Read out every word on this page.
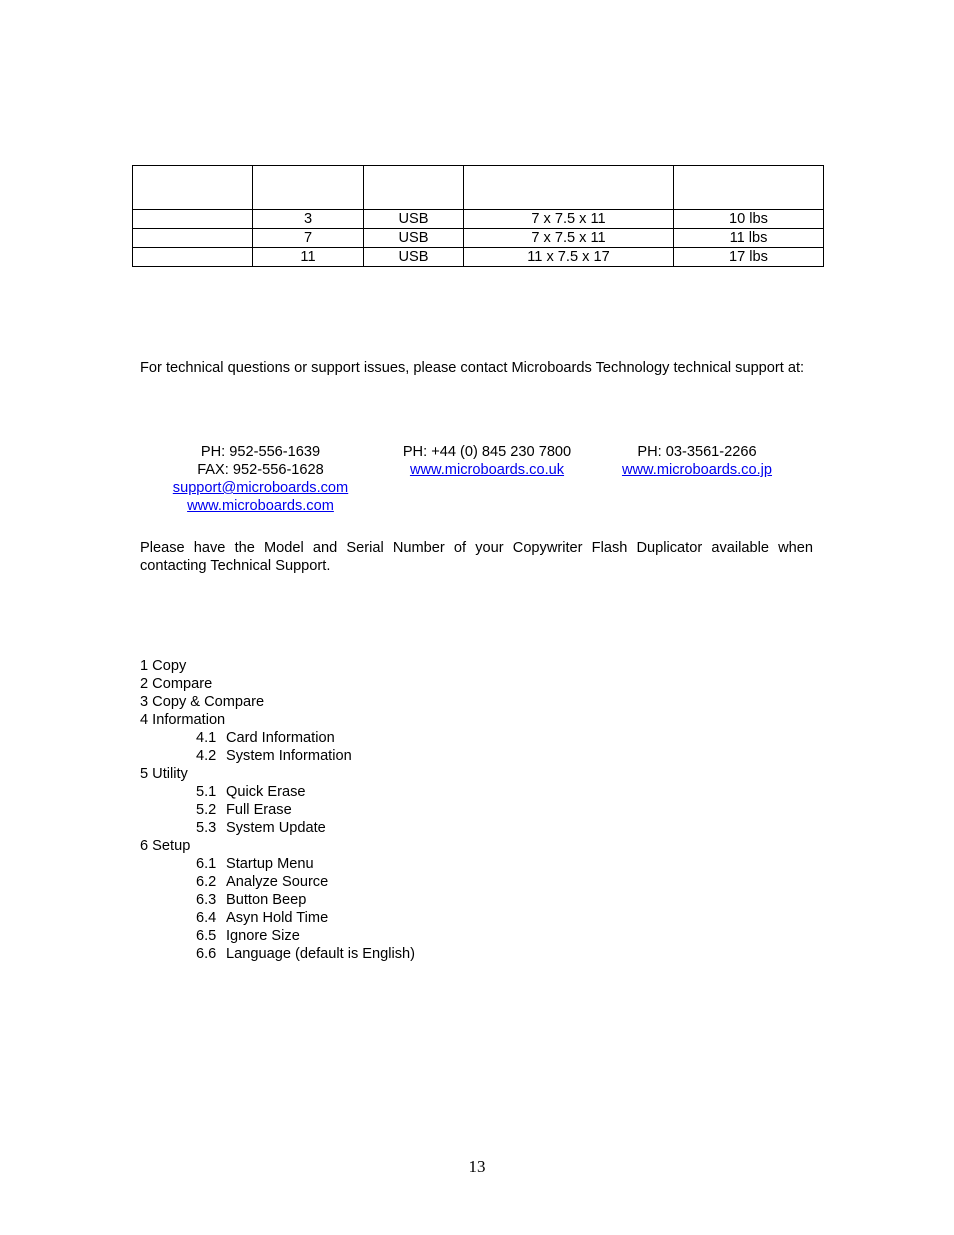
	3	USB	7 x 7.5 x 11	10 lbs
	7	USB	7 x 7.5 x 11	11 lbs
	11	USB	11 x 7.5 x 17	17 lbs

For technical questions or support issues, please contact Microboards Technology technical support at:

PH: 952-556-1639
FAX: 952-556-1628
support@microboards.com
www.microboards.com
PH: +44 (0) 845 230 7800
www.microboards.co.uk
PH: 03-3561-2266
www.microboards.co.jp

Please have the Model and Serial Number of your Copywriter Flash Duplicator available when contacting Technical Support.

1 Copy
2 Compare
3 Copy & Compare
4 Information
4.1 Card Information
4.2 System Information
5 Utility
5.1 Quick Erase
5.2 Full Erase
5.3 System Update
6 Setup
6.1 Startup Menu
6.2 Analyze Source
6.3 Button Beep
6.4 Asyn Hold Time
6.5 Ignore Size
6.6 Language (default is English)
13
